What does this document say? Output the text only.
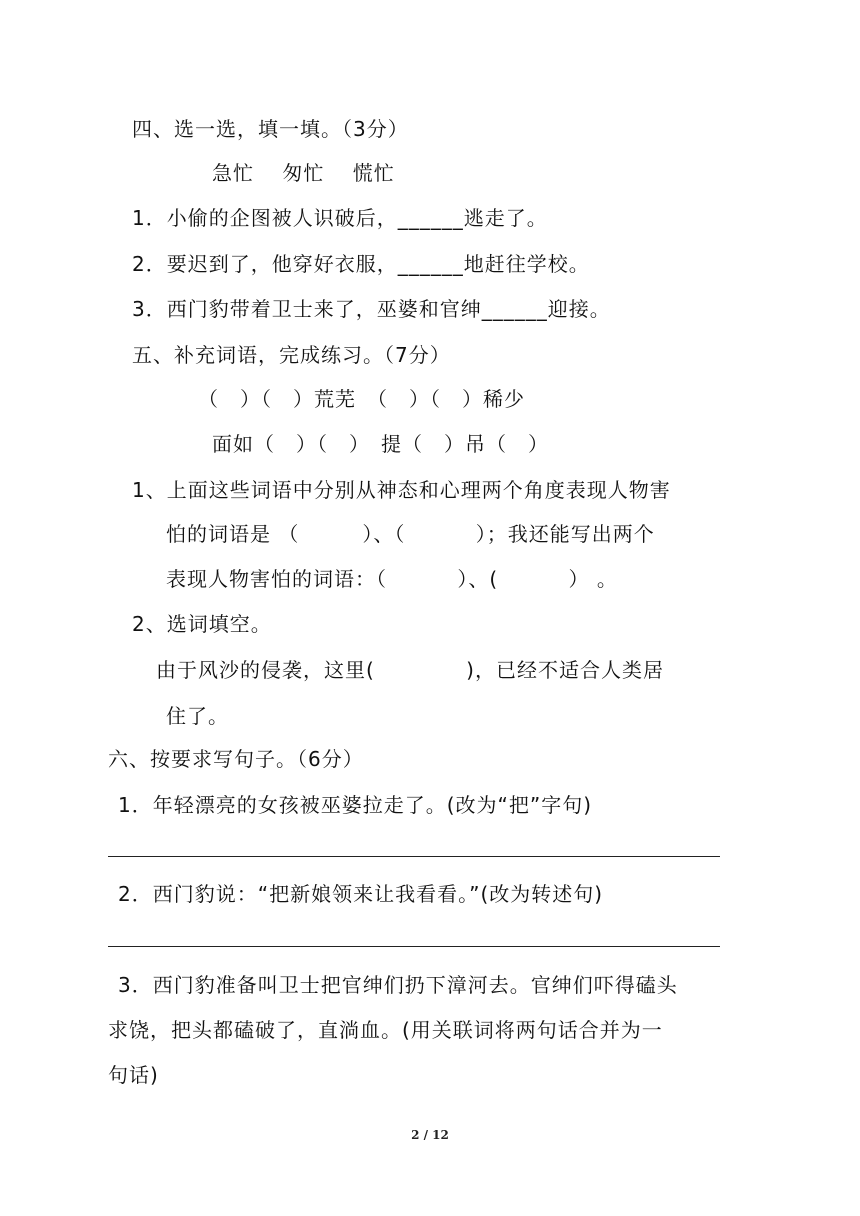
四、选一选，填一填。（3分）
急忙　 匆忙　 慌忙
1．小偷的企图被人识破后，______逃走了。
2．要迟到了，他穿好衣服，______地赶往学校。
3．西门豹带着卫士来了，巫婆和官绅______迎接。
五、补充词语，完成练习。（7分）
（　）（　）荒芜　（　）（　）稀少
面如（　）（　）　提（　）吊（　）
1、上面这些词语中分别从神态和心理两个角度表现人物害
怕的词语是 （　　　）、（　　　 ）；我还能写出两个
表现人物害怕的词语：（　　　 ）、(　　　 ） 。
2、选词填空。
由于风沙的侵袭，这里(　　　　 )，已经不适合人类居
住了。
六、按要求写句子。（6分）
1．年轻漂亮的女孩被巫婆拉走了。(改为“把”字句)
2．西门豹说：“把新娘领来让我看看。”(改为转述句)
3．西门豹准备叫卫士把官绅们扔下漳河去。官绅们吓得磕头
求饶，把头都磕破了，直淌血。(用关联词将两句话合并为一
句话)
2 / 12
